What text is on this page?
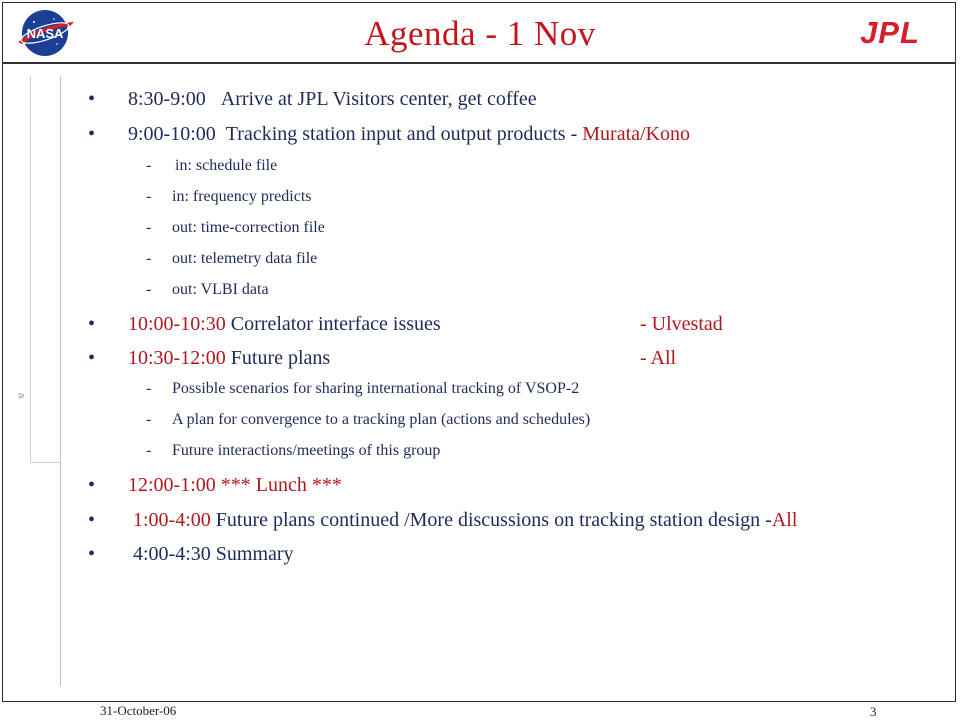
a
NASA	JPL
Agenda - 1 Nov
• 8:30-9:00 Arrive at JPL Visitors center, get coffee
• 9:00-10:00 Tracking station input and output products - Murata/Kono
- in: schedule file
- in: frequency predicts
- out: time-correction file
- out: telemetry data file
- out: VLBI data
• 10:00-10:30 Correlator interface issues	- Ulvestad
• 10:30-12:00 Future plans	- All
- Possible scenarios for sharing international tracking of VSOP-2
- A plan for convergence to a tracking plan (actions and schedules)
- Future interactions/meetings of this group
• 12:00-1:00 *** Lunch ***
• 1:00-4:00 Future plans continued /More discussions on tracking station design -All
• 4:00-4:30 Summary
31-October-06	3
